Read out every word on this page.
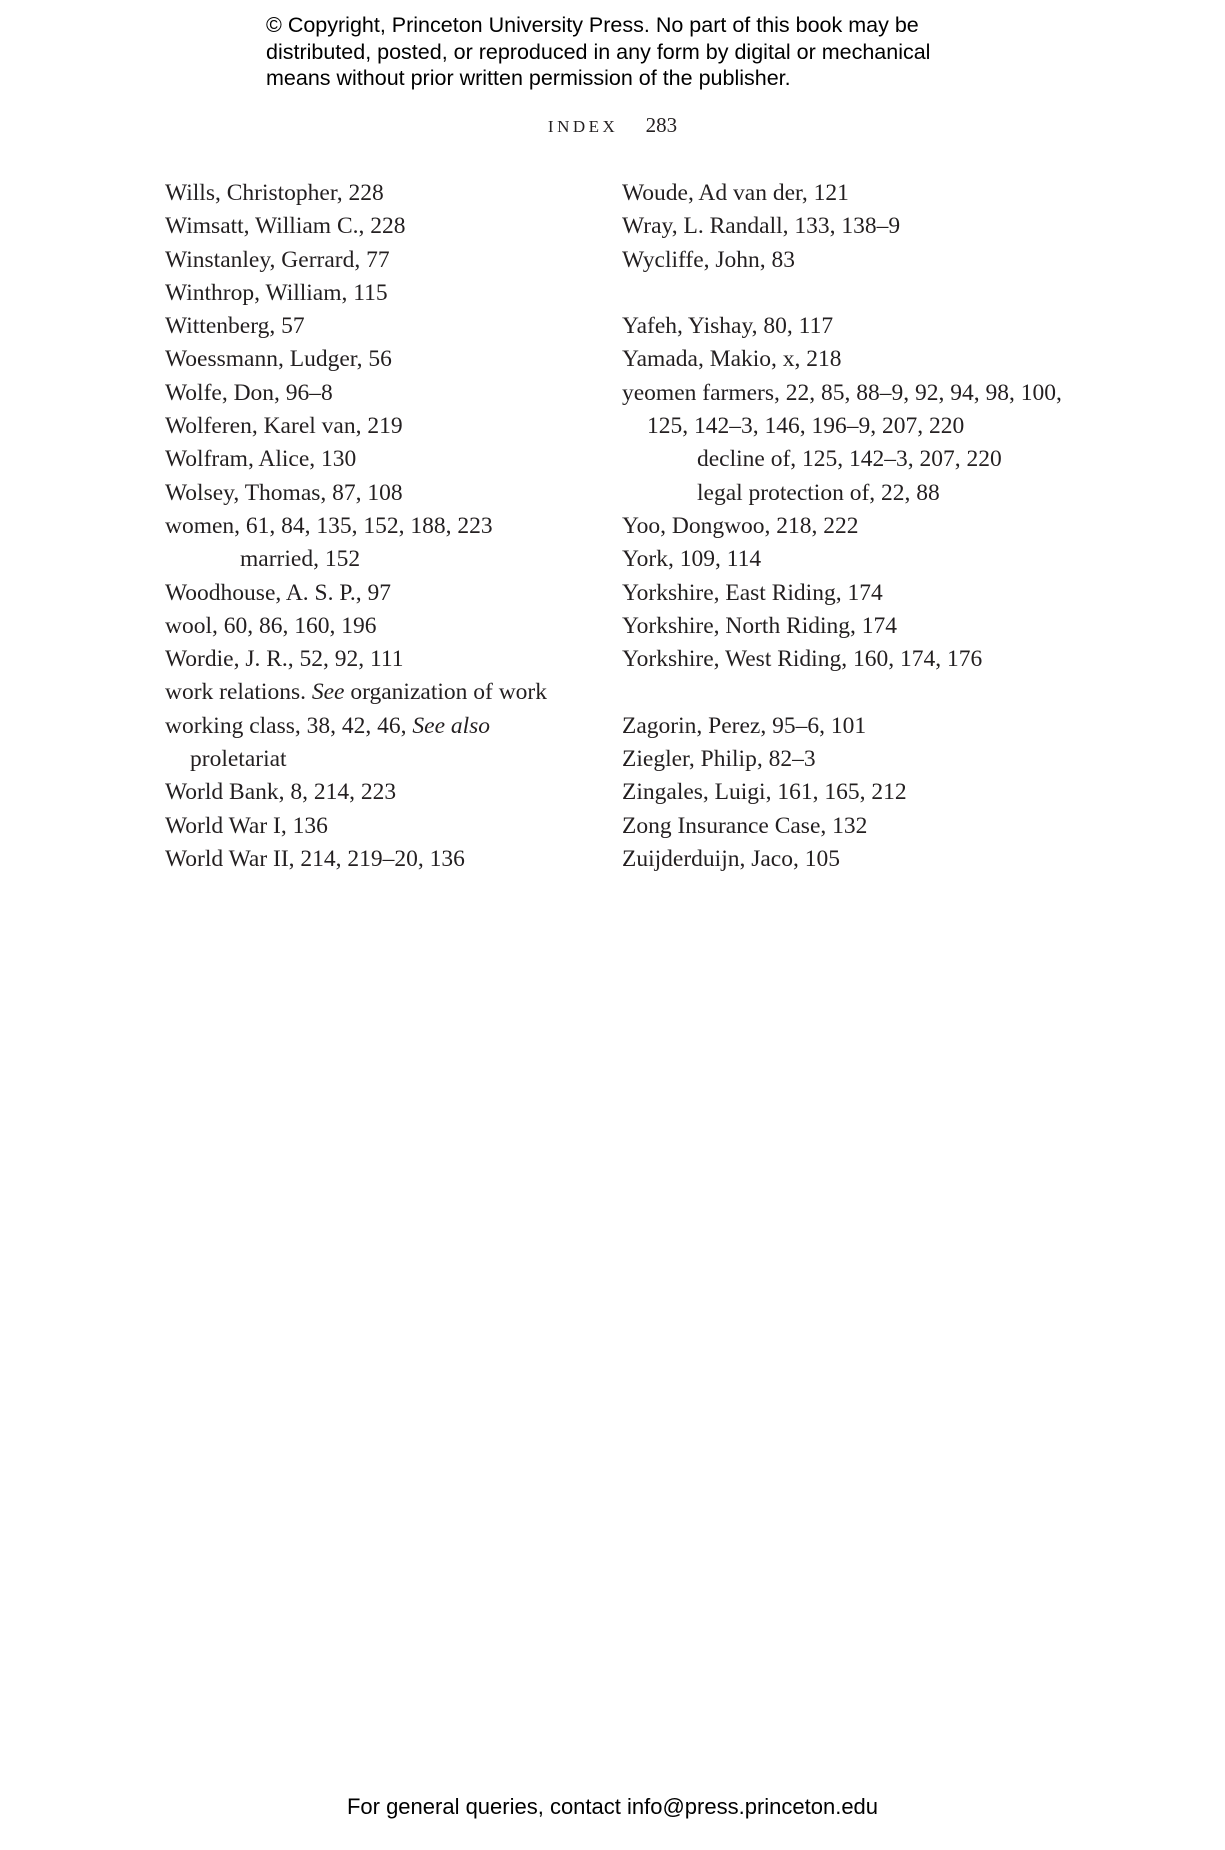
© Copyright, Princeton University Press. No part of this book may be
distributed, posted, or reproduced in any form by digital or mechanical
means without prior written permission of the publisher.
INDEX 283
Wills, Christopher, 228
Wimsatt, William C., 228
Winstanley, Gerrard, 77
Winthrop, William, 115
Wittenberg, 57
Woessmann, Ludger, 56
Wolfe, Don, 96–8
Wolferen, Karel van, 219
Wolfram, Alice, 130
Wolsey, Thomas, 87, 108
women, 61, 84, 135, 152, 188, 223
married, 152
Woodhouse, A. S. P., 97
wool, 60, 86, 160, 196
Wordie, J. R., 52, 92, 111
work relations. See organization of work
working class, 38, 42, 46, See also
proletariat
World Bank, 8, 214, 223
World War I, 136
World War II, 214, 219–20, 136
Woude, Ad van der, 121
Wray, L. Randall, 133, 138–9
Wycliffe, John, 83
Yafeh, Yishay, 80, 117
Yamada, Makio, x, 218
yeomen farmers, 22, 85, 88–9, 92, 94, 98, 100,
125, 142–3, 146, 196–9, 207, 220
decline of, 125, 142–3, 207, 220
legal protection of, 22, 88
Yoo, Dongwoo, 218, 222
York, 109, 114
Yorkshire, East Riding, 174
Yorkshire, North Riding, 174
Yorkshire, West Riding, 160, 174, 176
Zagorin, Perez, 95–6, 101
Ziegler, Philip, 82–3
Zingales, Luigi, 161, 165, 212
Zong Insurance Case, 132
Zuijderduijn, Jaco, 105
For general queries, contact info@press.princeton.edu
